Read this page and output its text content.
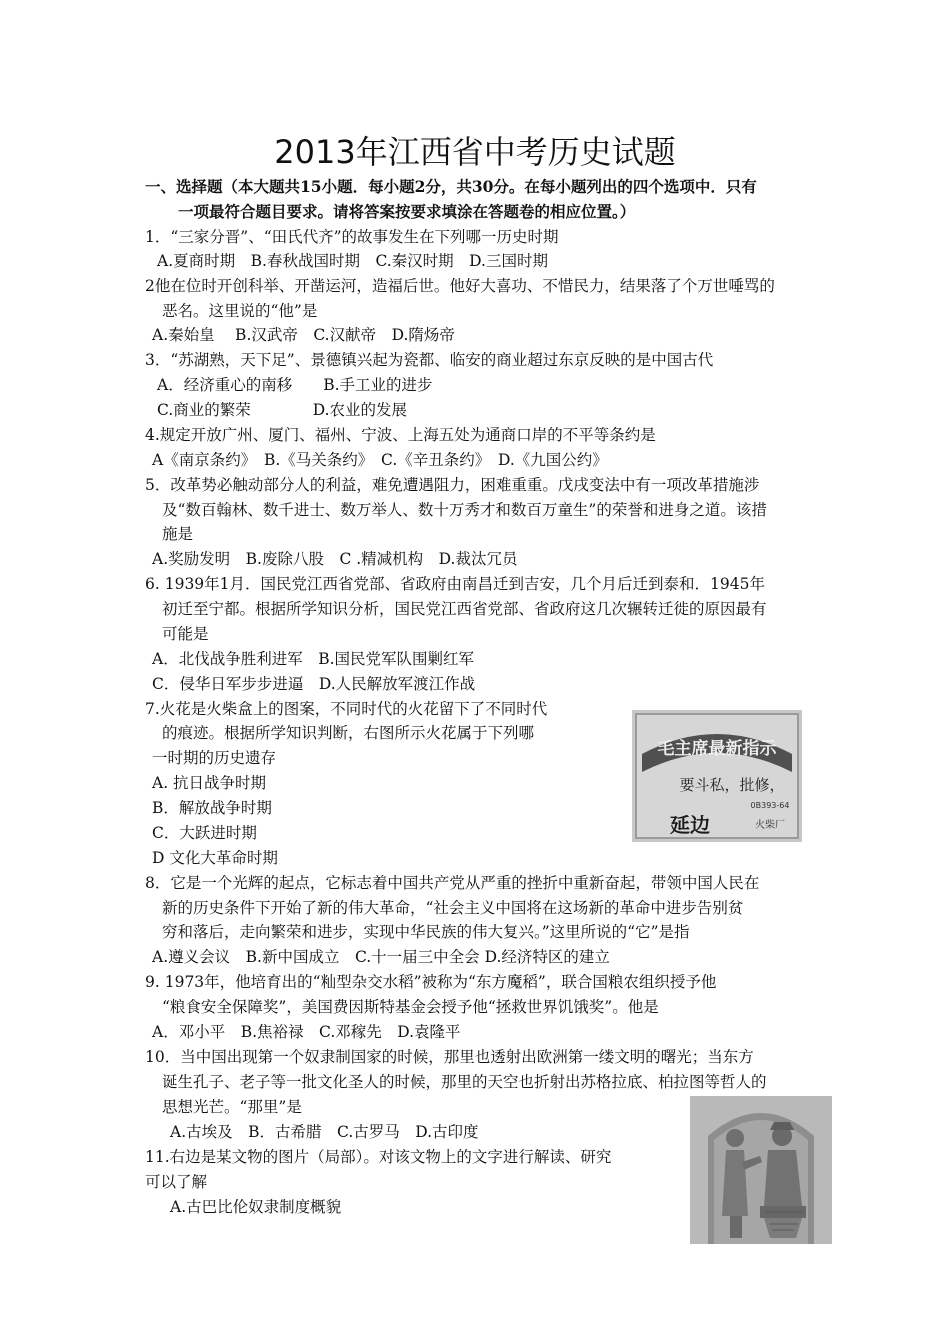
2013年江西省中考历史试题
一、选择题（本大题共15小题．每小题2分，共30分。在每小题列出的四个选项中．只有
一项最符合题目要求。请将答案按要求填涂在答题卷的相应位置。）
1．“三家分晋”、“田氏代齐”的故事发生在下列哪一历史时期
A.夏商时期　B.春秋战国时期　C.秦汉时期　D.三国时期
2他在位时开创科举、开凿运河，造福后世。他好大喜功、不惜民力，结果落了个万世唾骂的
恶名。这里说的“他”是
A.秦始皇　 B.汉武帝　C.汉献帝　D.隋炀帝
3．“苏湖熟，天下足”、景德镇兴起为瓷都、临安的商业超过东京反映的是中国古代
A．经济重心的南移　　B.手工业的进步
C.商业的繁荣　　　　D.农业的发展
4.规定开放广州、厦门、福州、宁波、上海五处为通商口岸的不平等条约是
A《南京条约》　B.《马关条约》　C.《辛丑条约》　D.《九国公约》
5．改革势必触动部分人的利益，难免遭遇阻力，困难重重。戊戌变法中有一项改革措施涉
及“数百翰林、数千进士、数万举人、数十万秀才和数百万童生”的荣誉和进身之道。该措
施是
A.奖励发明　B.废除八股　C .精减机构　D.裁汰冗员
6. 1939年1月．国民党江西省党部、省政府由南昌迁到吉安，几个月后迁到泰和．1945年
初迁至宁都。根据所学知识分析，国民党江西省党部、省政府这几次辗转迁徙的原因最有
可能是
A．北伐战争胜利进军　B.国民党军队围剿红军
C．侵华日军步步进逼　D.人民解放军渡江作战
7.火花是火柴盒上的图案，不同时代的火花留下了不同时代
的痕迹。根据所学知识判断，右图所示火花属于下列哪
一时期的历史遗存
A. 抗日战争时期
B．解放战争时期
C．大跃进时期
D 文化大革命时期
毛主席最新指示
要斗私，批修，
0B393-64
延边	火柴厂
8．它是一个光辉的起点，它标志着中国共产党从严重的挫折中重新奋起，带领中国人民在
新的历史条件下开始了新的伟大革命，“社会主义中国将在这场新的革命中进步告别贫
穷和落后，走向繁荣和进步，实现中华民族的伟大复兴。”这里所说的“它”是指
A.遵义会议　B.新中国成立　C.十一届三中全会 D.经济特区的建立
9. 1973年，他培育出的“籼型杂交水稻”被称为“东方魔稻”，联合国粮农组织授予他
“粮食安全保障奖”，美国费因斯特基金会授予他“拯救世界饥饿奖”。他是
A．邓小平　B.焦裕禄　C.邓稼先　D.袁隆平
10．当中国出现第一个奴隶制国家的时候，那里也透射出欧洲第一缕文明的曙光；当东方
诞生孔子、老子等一批文化圣人的时候，那里的天空也折射出苏格拉底、柏拉图等哲人的
思想光芒。“那里”是
A.古埃及　B．古希腊　C.古罗马　D.古印度
11.右边是某文物的图片（局部）。对该文物上的文字进行解读、研究
可以了解
A.古巴比伦奴隶制度概貌
